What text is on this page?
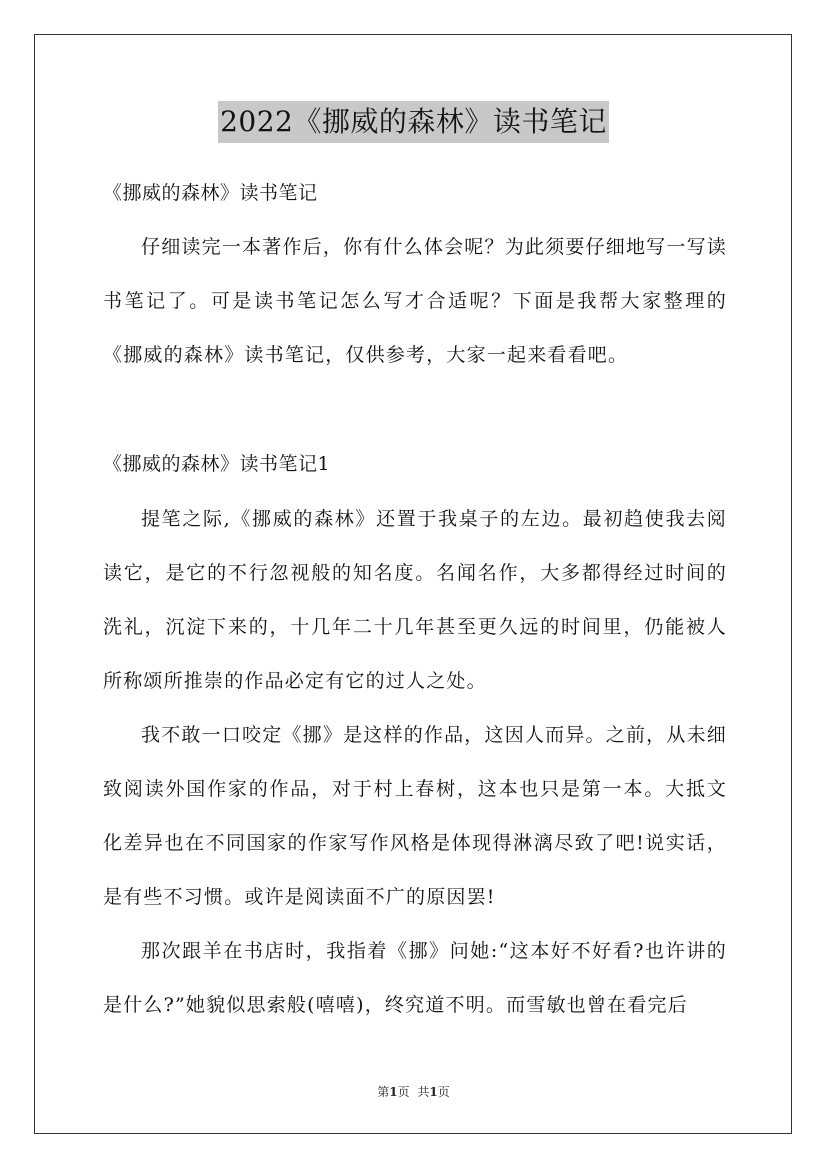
2022《挪威的森林》读书笔记
《挪威的森林》读书笔记

仔细读完一本著作后，你有什么体会呢？为此须要仔细地写一写读书笔记了。可是读书笔记怎么写才合适呢？下面是我帮大家整理的《挪威的森林》读书笔记，仅供参考，大家一起来看看吧。

《挪威的森林》读书笔记1

提笔之际,《挪威的森林》还置于我桌子的左边。最初趋使我去阅读它，是它的不行忽视般的知名度。名闻名作，大多都得经过时间的洗礼，沉淀下来的，十几年二十几年甚至更久远的时间里，仍能被人所称颂所推崇的作品必定有它的过人之处。

我不敢一口咬定《挪》是这样的作品，这因人而异。之前，从未细致阅读外国作家的作品，对于村上春树，这本也只是第一本。大抵文化差异也在不同国家的作家写作风格是体现得淋漓尽致了吧!说实话，是有些不习惯。或许是阅读面不广的原因罢!

那次跟羊在书店时，我指着《挪》问她:“这本好不好看?也许讲的是什么?”她貌似思索般(嘻嘻)，终究道不明。而雪敏也曾在看完后

第1页 共1页
